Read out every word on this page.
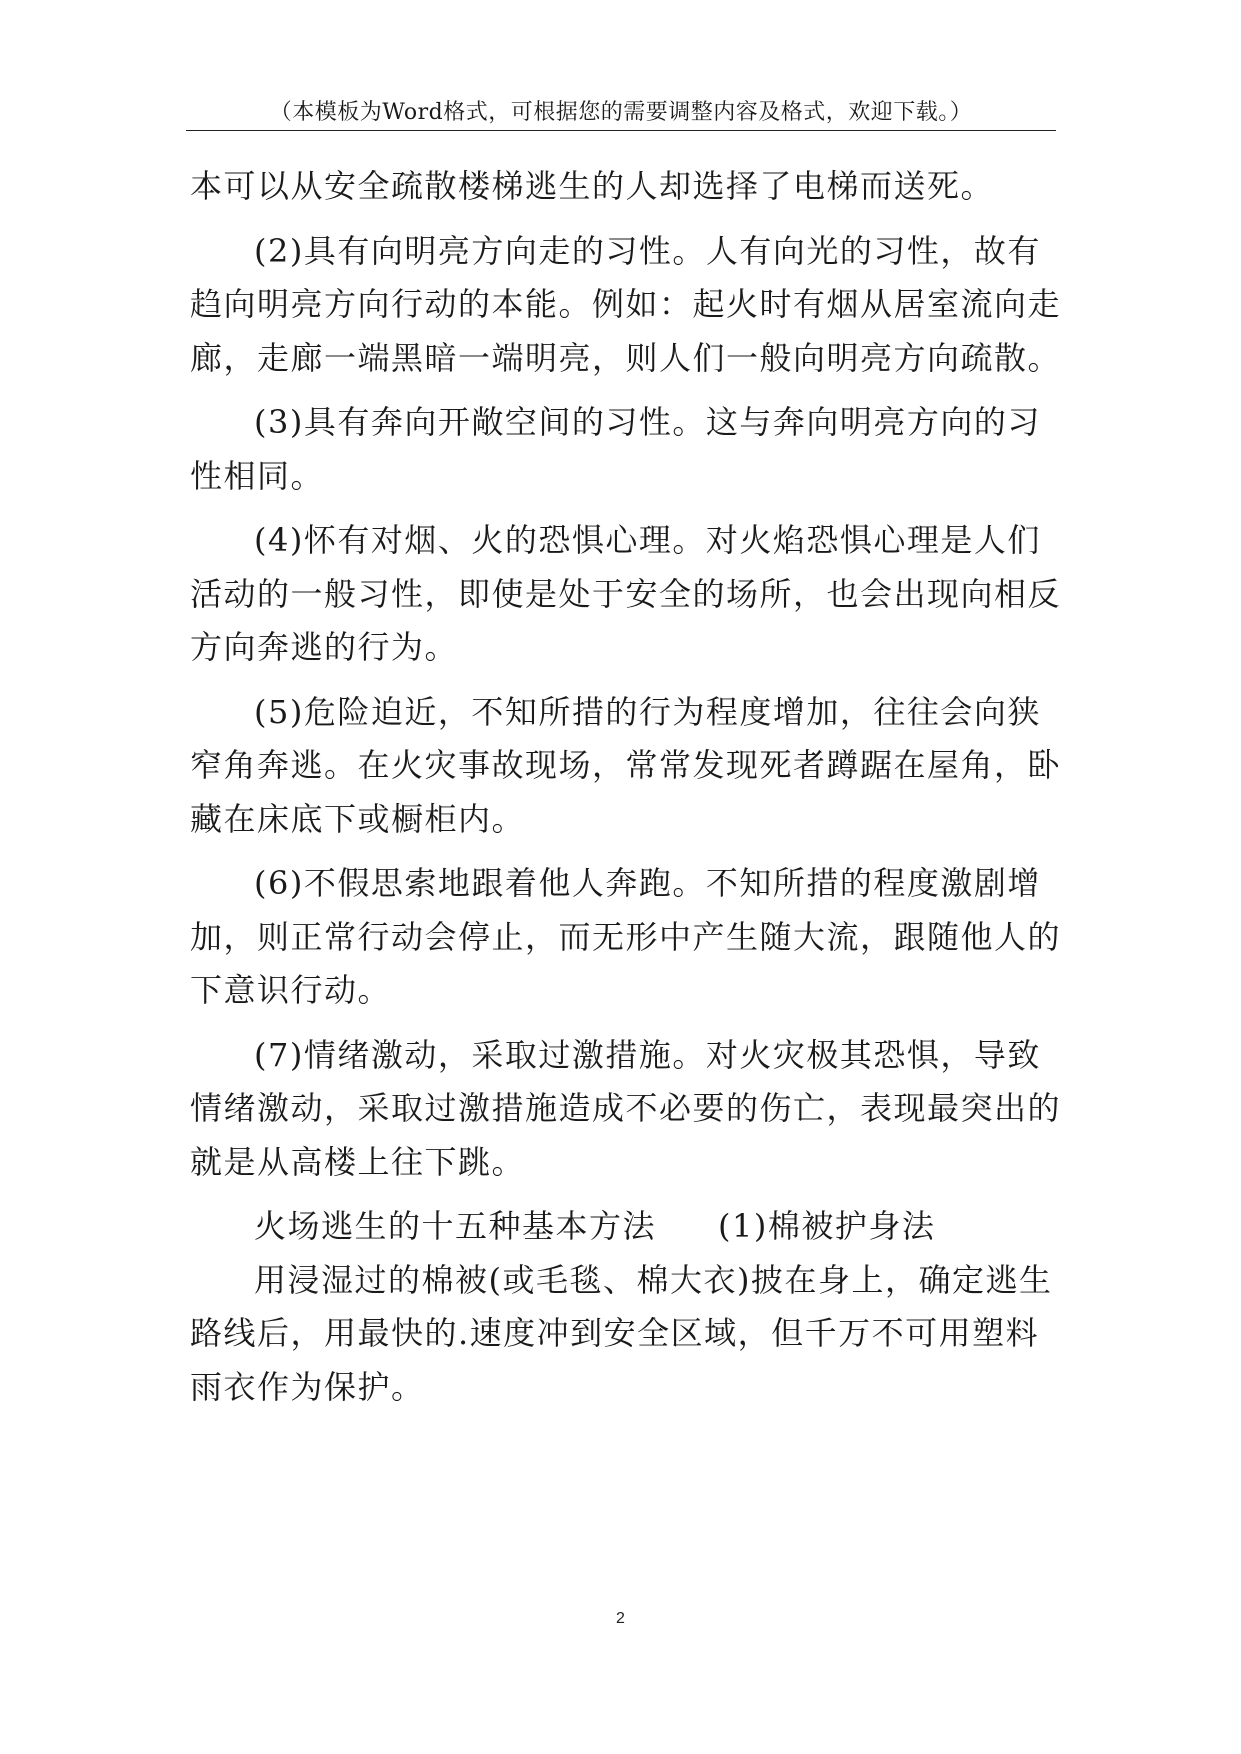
（本模板为Word格式，可根据您的需要调整内容及格式，欢迎下载。）
本可以从安全疏散楼梯逃生的人却选择了电梯而送死。
(2)具有向明亮方向走的习性。人有向光的习性，故有
趋向明亮方向行动的本能。例如：起火时有烟从居室流向走
廊，走廊一端黑暗一端明亮，则人们一般向明亮方向疏散。
(3)具有奔向开敞空间的习性。这与奔向明亮方向的习
性相同。
(4)怀有对烟、火的恐惧心理。对火焰恐惧心理是人们
活动的一般习性，即使是处于安全的场所，也会出现向相反
方向奔逃的行为。
(5)危险迫近，不知所措的行为程度增加，往往会向狭
窄角奔逃。在火灾事故现场，常常发现死者蹲踞在屋角，卧
藏在床底下或橱柜内。
(6)不假思索地跟着他人奔跑。不知所措的程度激剧增
加，则正常行动会停止，而无形中产生随大流，跟随他人的
下意识行动。
(7)情绪激动，采取过激措施。对火灾极其恐惧，导致
情绪激动，采取过激措施造成不必要的伤亡，表现最突出的
就是从高楼上往下跳。
火场逃生的十五种基本方法 (1)棉被护身法
用浸湿过的棉被(或毛毯、棉大衣)披在身上，确定逃生
路线后，用最快的.速度冲到安全区域，但千万不可用塑料
雨衣作为保护。
2
